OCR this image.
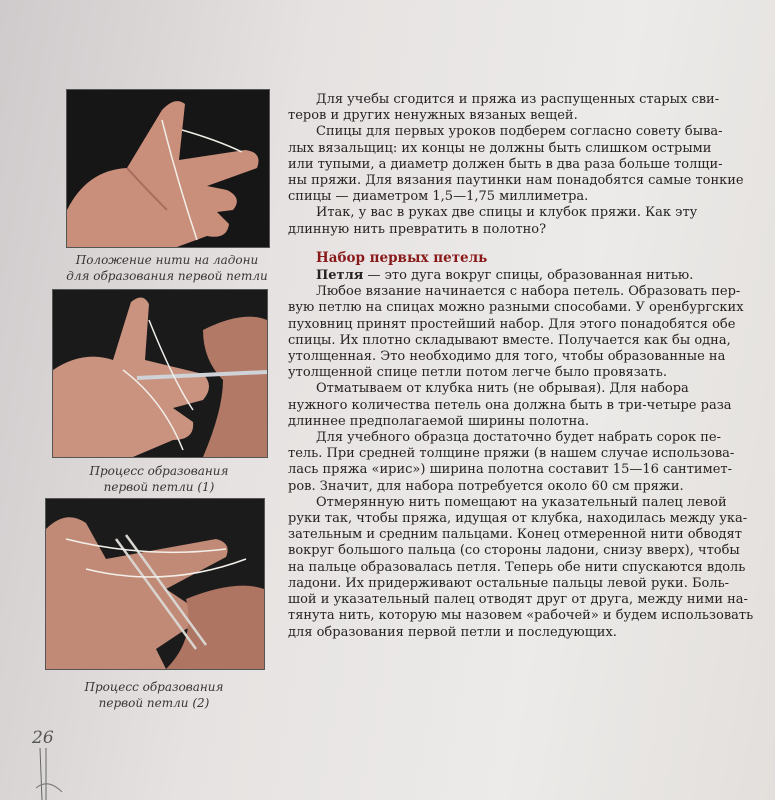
Положение нити на ладони
для образования первой петли
Процесс образования
первой петли (1)
Процесс образования
первой петли (2)

Для учебы сгодится и пряжа из распущенных старых сви-
теров и других ненужных вязаных вещей.
Спицы для первых уроков подберем согласно совету быва-
лых вязальщиц: их концы не должны быть слишком острыми
или тупыми, а диаметр должен быть в два раза больше толщи-
ны пряжи. Для вязания паутинки нам понадобятся самые тонкие
спицы — диаметром 1,5—1,75 миллиметра.
Итак, у вас в руках две спицы и клубок пряжи. Как эту
длинную нить превратить в полотно?

Набор первых петель

Петля — это дуга вокруг спицы, образованная нитью.

Любое вязание начинается с набора петель. Образовать пер-
вую петлю на спицах можно разными способами. У оренбургских
пуховниц принят простейший набор. Для этого понадобятся обе
спицы. Их плотно складывают вместе. Получается как бы одна,
утолщенная. Это необходимо для того, чтобы образованные на
утолщенной спице петли потом легче было провязать.
Отматываем от клубка нить (не обрывая). Для набора
нужного количества петель она должна быть в три-четыре раза
длиннее предполагаемой ширины полотна.
Для учебного образца достаточно будет набрать сорок пе-
тель. При средней толщине пряжи (в нашем случае использова-
лась пряжа «ирис») ширина полотна составит 15—16 сантимет-
ров. Значит, для набора потребуется около 60 см пряжи.
Отмерянную нить помещают на указательный палец левой
руки так, чтобы пряжа, идущая от клубка, находилась между ука-
зательным и средним пальцами. Конец отмеренной нити обводят
вокруг большого пальца (со стороны ладони, снизу вверх), чтобы
на пальце образовалась петля. Теперь обе нити спускаются вдоль
ладони. Их придерживают остальные пальцы левой руки. Боль-
шой и указательный палец отводят друг от друга, между ними на-
тянута нить, которую мы назовем «рабочей» и будем использовать
для образования первой петли и последующих.

26
